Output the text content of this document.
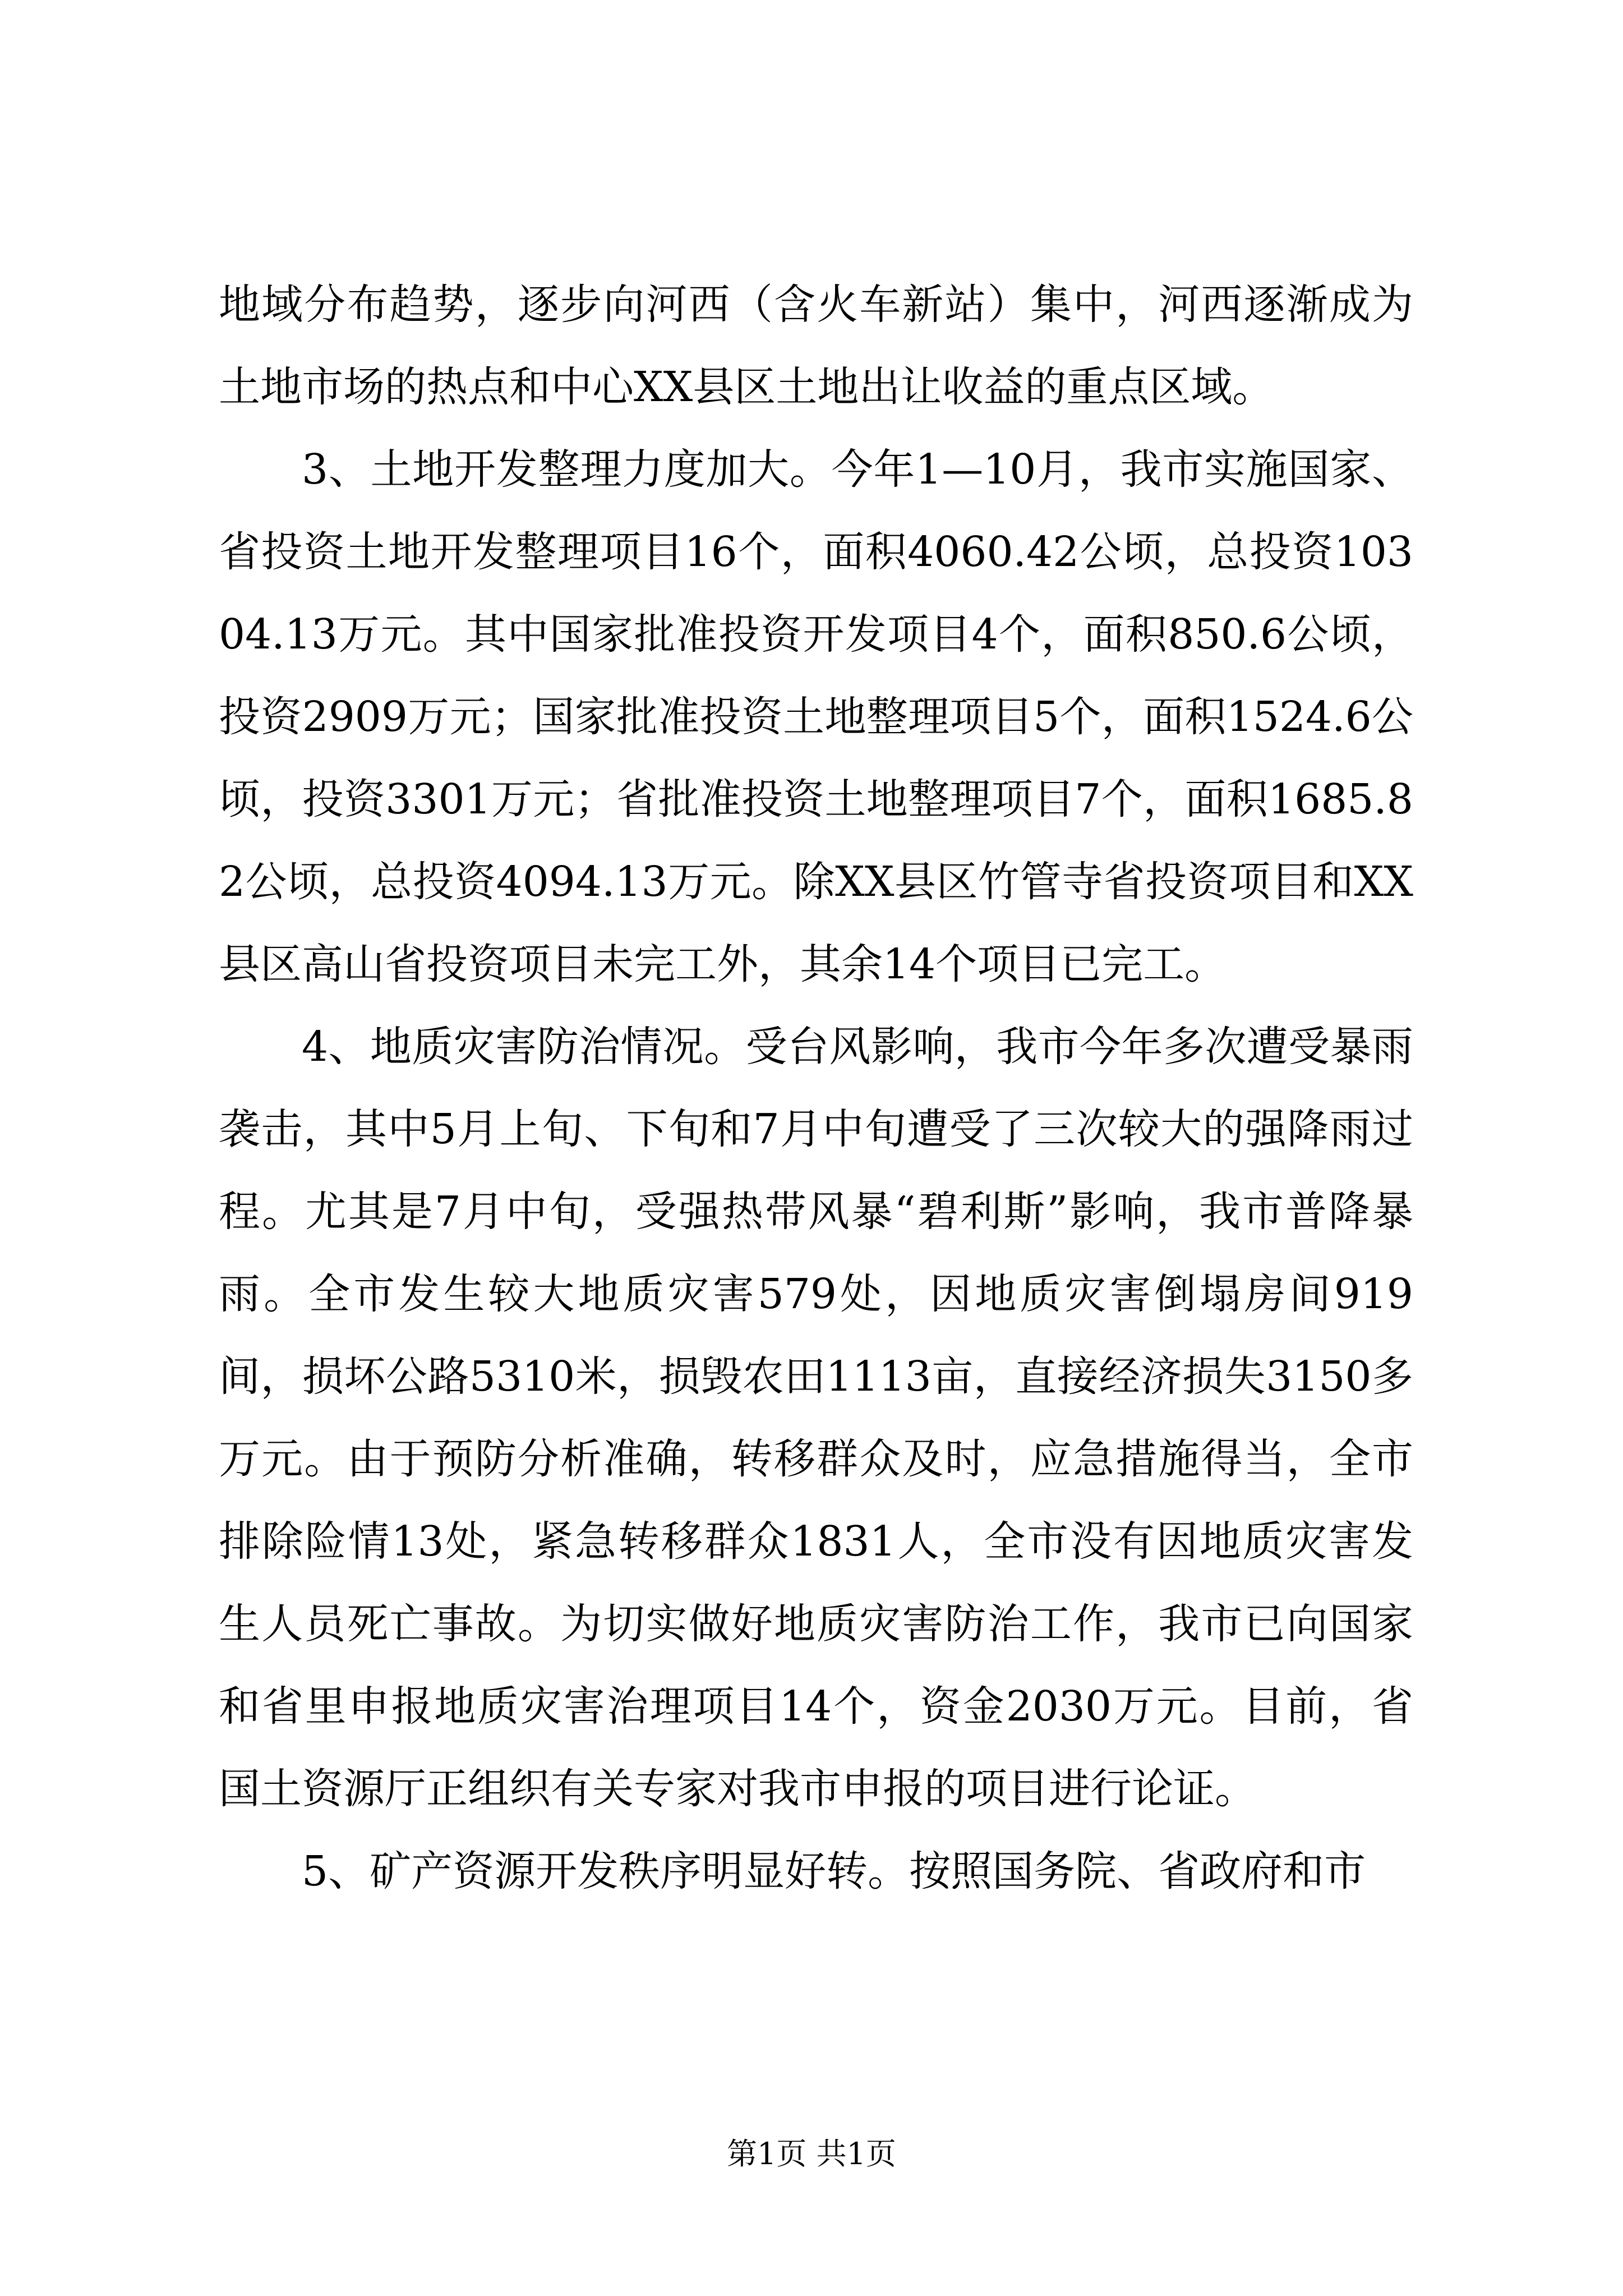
地域分布趋势，逐步向河西（含火车新站）集中，河西逐渐成为土地市场的热点和中心XX县区土地出让收益的重点区域。

3、土地开发整理力度加大。今年1—10月，我市实施国家、省投资土地开发整理项目16个，面积4060.42公顷，总投资10304.13万元。其中国家批准投资开发项目4个，面积850.6公顷，投资2909万元；国家批准投资土地整理项目5个，面积1524.6公顷，投资3301万元；省批准投资土地整理项目7个，面积1685.82公顷，总投资4094.13万元。除XX县区竹管寺省投资项目和XX县区高山省投资项目未完工外，其余14个项目已完工。

4、地质灾害防治情况。受台风影响，我市今年多次遭受暴雨袭击，其中5月上旬、下旬和7月中旬遭受了三次较大的强降雨过程。尤其是7月中旬，受强热带风暴“碧利斯”影响，我市普降暴雨。全市发生较大地质灾害579处，因地质灾害倒塌房间919间，损坏公路5310米，损毁农田1113亩，直接经济损失3150多万元。由于预防分析准确，转移群众及时，应急措施得当，全市排除险情13处，紧急转移群众1831人，全市没有因地质灾害发生人员死亡事故。为切实做好地质灾害防治工作，我市已向国家和省里申报地质灾害治理项目14个，资金2030万元。目前，省国土资源厅正组织有关专家对我市申报的项目进行论证。

5、矿产资源开发秩序明显好转。按照国务院、省政府和市

第1页 共1页
